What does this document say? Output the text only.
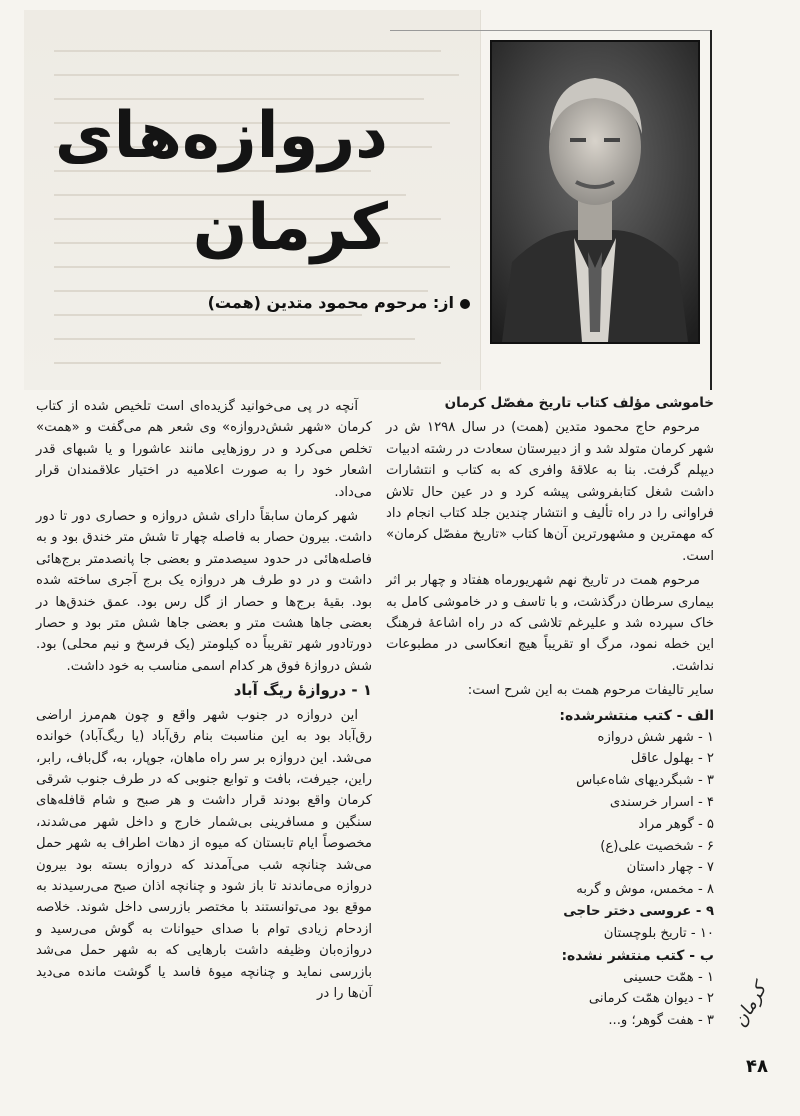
دروازه‌های
کرمان
از: مرحوم محمود متدین (همت)

آنچه در پی می‌خوانید گزیده‌ای است تلخیص شده از کتاب کرمان «شهر شش‌دروازه» وی شعر هم می‌گفت و «همت» تخلص می‌کرد و در روزهایی مانند عاشورا و یا شبهای قدر اشعار خود را به صورت اعلامیه در اختیار علاقمندان قرار می‌داد.

شهر کرمان سابقاً دارای شش دروازه و حصاری دور تا دور داشت. بیرون حصار به فاصله چهار تا شش متر خندق بود و به فاصله‌هائی در حدود سیصدمتر و بعضی جا پانصدمتر برج‌هائی داشت و در دو طرف هر دروازه یک برج آجری ساخته شده بود. بقیهٔ برج‌ها و حصار از گل رس بود. عمق خندق‌ها در بعضی جاها هشت متر و بعضی جاها شش متر بود و حصار دورتادور شهر تقریباً ده کیلومتر (یک فرسخ و نیم محلی) بود. شش دروازهٔ فوق هر کدام اسمی مناسب به خود داشت.

۱ - دروازهٔ ریگ آباد

این دروازه در جنوب شهر واقع و چون هم‌مرز اراضی رق‌آباد بود به این مناسبت بنام رق‌آباد (یا ریگ‌آباد) خوانده می‌شد. این دروازه بر سر راه ماهان، جوپار، به، گل‌باف، رابر، راین، جیرفت، بافت و توابع جنوبی که در طرف جنوب شرقی کرمان واقع بودند قرار داشت و هر صبح و شام قافله‌های سنگین و مسافرینی بی‌شمار خارج و داخل شهر می‌شدند، مخصوصاً ایام تابستان که میوه از دهات اطراف به شهر حمل می‌شد چنانچه شب می‌آمدند که دروازه بسته بود بیرون دروازه می‌ماندند تا باز شود و چنانچه اذان صبح می‌رسیدند به موقع بود می‌توانستند با مختصر بازرسی داخل شوند. خلاصه ازدحام زیادی توام با صدای حیوانات به گوش می‌رسید و دروازه‌بان وظیفه داشت بارهایی که به شهر حمل می‌شد بازرسی نماید و چنانچه میوهٔ فاسد یا گوشت مانده می‌دید آن‌ها را در

خاموشی مؤلف کتاب تاریخ مفصّل کرمان

مرحوم حاج محمود متدین (همت) در سال ۱۲۹۸ ش در شهر کرمان متولد شد و از دبیرستان سعادت در رشته ادبیات دیپلم گرفت. بنا به علاقهٔ وافری که به کتاب و انتشارات داشت شغل کتابفروشی پیشه کرد و در عین حال تلاش فراوانی را در راه تألیف و انتشار چندین جلد کتاب انجام داد که مهمترین و مشهورترین آن‌ها کتاب «تاریخ مفصّل کرمان» است.

مرحوم همت در تاریخ نهم شهریورماه هفتاد و چهار بر اثر بیماری سرطان درگذشت، و با تاسف و در خاموشی کامل به خاک سپرده شد و علیرغم تلاشی که در راه اشاعهٔ فرهنگ این خطه نمود، مرگ او تقریباً هیچ انعکاسی در مطبوعات نداشت.

سایر تالیفات مرحوم همت به این شرح است:

الف - کتب منتشرشده:
۱ - شهر شش دروازه
۲ - بهلول عاقل
۳ - شبگردیهای شاه‌عباس
۴ - اسرار خرسندی
۵ - گوهر مراد
۶ - شخصیت علی(ع)
۷ - چهار داستان
۸ - مخمس، موش و گربه
۹ - عروسی دختر حاجی
۱۰ - تاریخ بلوچستان
ب - کتب منتشر نشده:
۱ - همّت حسینی
۲ - دیوان همّت کرمانی
۳ - هفت گوهر؛ و... کرمان
۴۸
